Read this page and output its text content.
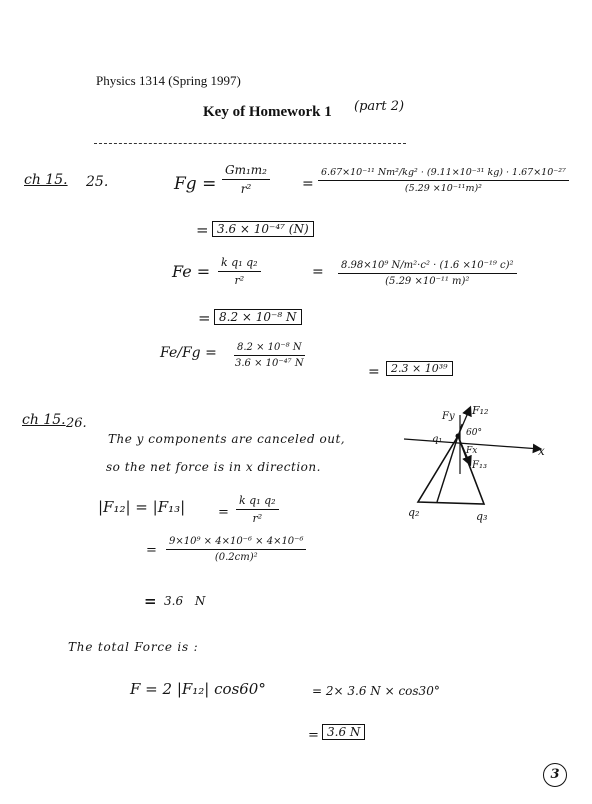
Physics 1314 (Spring 1997)
Key of Homework 1 (part 2)
ch 15. 25.	$Fg = \frac{\text{Gm₁m₂}}{\text{r²}} = \frac{\text{6.67×10⁻¹¹ Nm²/kg² · (9.11×10⁻³¹ kg) · 1.67×10⁻²⁷}}{\text{(5.29 ×10⁻¹¹m)²}}$
= 3.6 × 10⁻⁴⁷ (N)
$Fe = \frac{\text{k q₁ q₂}}{\text{r²}}$	= $\frac{\text{8.98×10⁹ N/m²·c² · (1.6 ×10⁻¹⁹ c)²}}{\text{(5.29 ×10⁻¹¹ m)²}}$
= 8.2 × 10⁻⁸ N
$Fe/Fg = \frac{\text{8.2 × 10⁻⁸ N}}{\text{3.6 × 10⁻⁴⁷ N}}$
=	2.3 × 10³⁹
ch 15. 26.
The y components are canceled out,
so the net force is in x direction.
|F₁₂| = |F₁₃|	= $\frac{\text{k q₁ q₂}}{\text{r²}}$
= $\frac{\text{9×10⁹ × 4×10⁻⁶ × 4×10⁻⁶}}{\text{(0.2cm)²}}$
= 3.6 N
The total Force is :
F = 2 |F₁₂| cos60°	= 2× 3.6 N × cos30°
= 3.6 N
Fy F₁₂
60°
q₁
Fx
F₁₃
x
q₂	q₃
3
